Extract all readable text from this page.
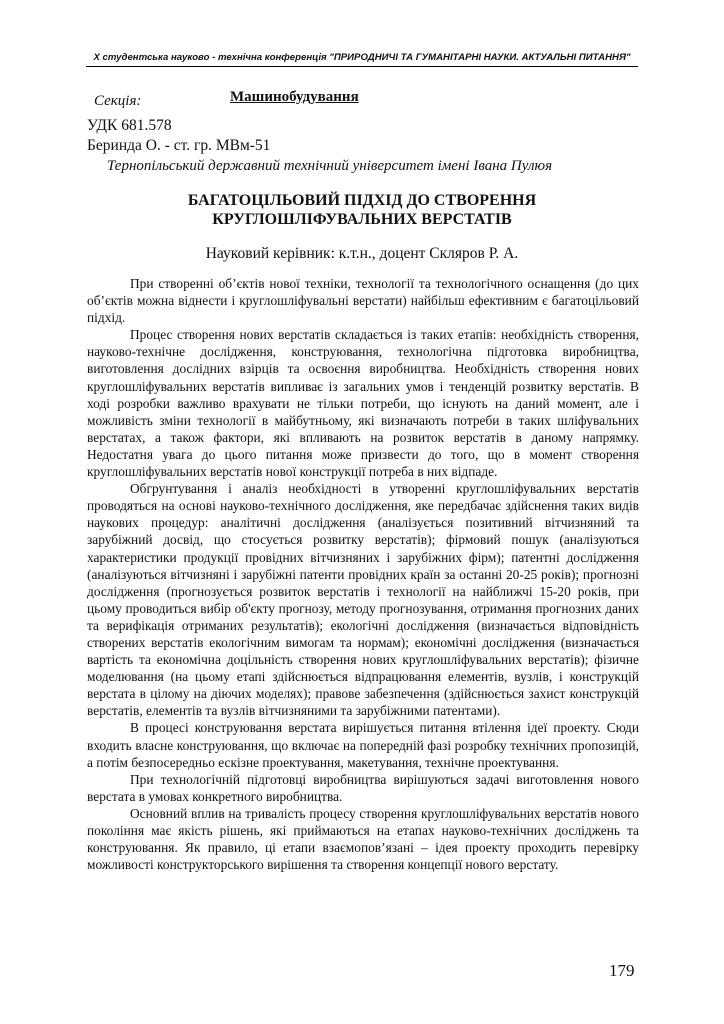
X студентська науково - технічна конференція "ПРИРОДНИЧІ ТА ГУМАНІТАРНІ НАУКИ. АКТУАЛЬНІ ПИТАННЯ"
Секція:	Машинобудування
УДК 681.578
Беринда О. - ст. гр. МВм-51
Тернопільський державний технічний університет імені Івана Пулюя
БАГАТОЦІЛЬОВИЙ ПІДХІД ДО СТВОРЕННЯ
КРУГЛОШЛІФУВАЛЬНИХ ВЕРСТАТІВ
Науковий керівник: к.т.н., доцент Скляров Р. А.

При створенні об’єктів нової техніки, технології та технологічного оснащення (до цих об’єктів можна віднести і круглошліфувальні верстати) найбільш ефективним є багатоцільовий підхід.

Процес створення нових верстатів складається із таких етапів: необхідність створення, науково-технічне дослідження, конструювання, технологічна підготовка виробництва, виготовлення дослідних взірців та освоєння виробництва. Необхідність створення нових круглошліфувальних верстатів випливає із загальних умов і тенденцій розвитку верстатів. В ході розробки важливо врахувати не тільки потреби, що існують на даний момент, але і можливість зміни технології в майбутньому, які визначають потреби в таких шліфувальних верстатах, а також фактори, які впливають на розвиток верстатів в даному напрямку. Недостатня увага до цього питання може призвести до того, що в момент створення круглошліфувальних верстатів нової конструкції потреба в них відпаде.

Обгрунтування і аналіз необхідності в утворенні круглошліфувальних верстатів проводяться на основі науково-технічного дослідження, яке передбачає здійснення таких видів наукових процедур: аналітичні дослідження (аналізується позитивний вітчизняний та зарубіжний досвід, що стосується розвитку верстатів); фірмовий пошук (аналізуються характеристики продукції провідних вітчизняних і зарубіжних фірм); патентні дослідження (аналізуються вітчизняні і зарубіжні патенти провідних країн за останні 20-25 років); прогнозні дослідження (прогнозується розвиток верстатів і технології на найближчі 15-20 років, при цьому проводиться вибір об'єкту прогнозу, методу прогнозування, отримання прогнозних даних та верифікація отриманих результатів); екологічні дослідження (визначається відповідність створених верстатів екологічним вимогам та нормам); економічні дослідження (визначається вартість та економічна доцільність створення нових круглошліфувальних верстатів); фізичне моделювання (на цьому етапі здійснюється відпрацювання елементів, вузлів, і конструкцій верстата в цілому на діючих моделях); правове забезпечення (здійснюється захист конструкцій верстатів, елементів та вузлів вітчизняними та зарубіжними патентами).

В процесі конструювання верстата вирішується питання втілення ідеї проекту. Сюди входить власне конструювання, що включає на попередній фазі розробку технічних пропозицій, а потім безпосередньо ескізне проектування, макетування, технічне проектування.

При технологічній підготовці виробництва вирішуються задачі виготовлення нового верстата в умовах конкретного виробництва.

Основний вплив на тривалість процесу створення круглошліфувальних верстатів нового покоління має якість рішень, які приймаються на етапах науково-технічних досліджень та конструювання. Як правило, ці етапи взаємопов’язані – ідея проекту проходить перевірку можливості конструкторського вирішення та створення концепції нового верстату.

179
